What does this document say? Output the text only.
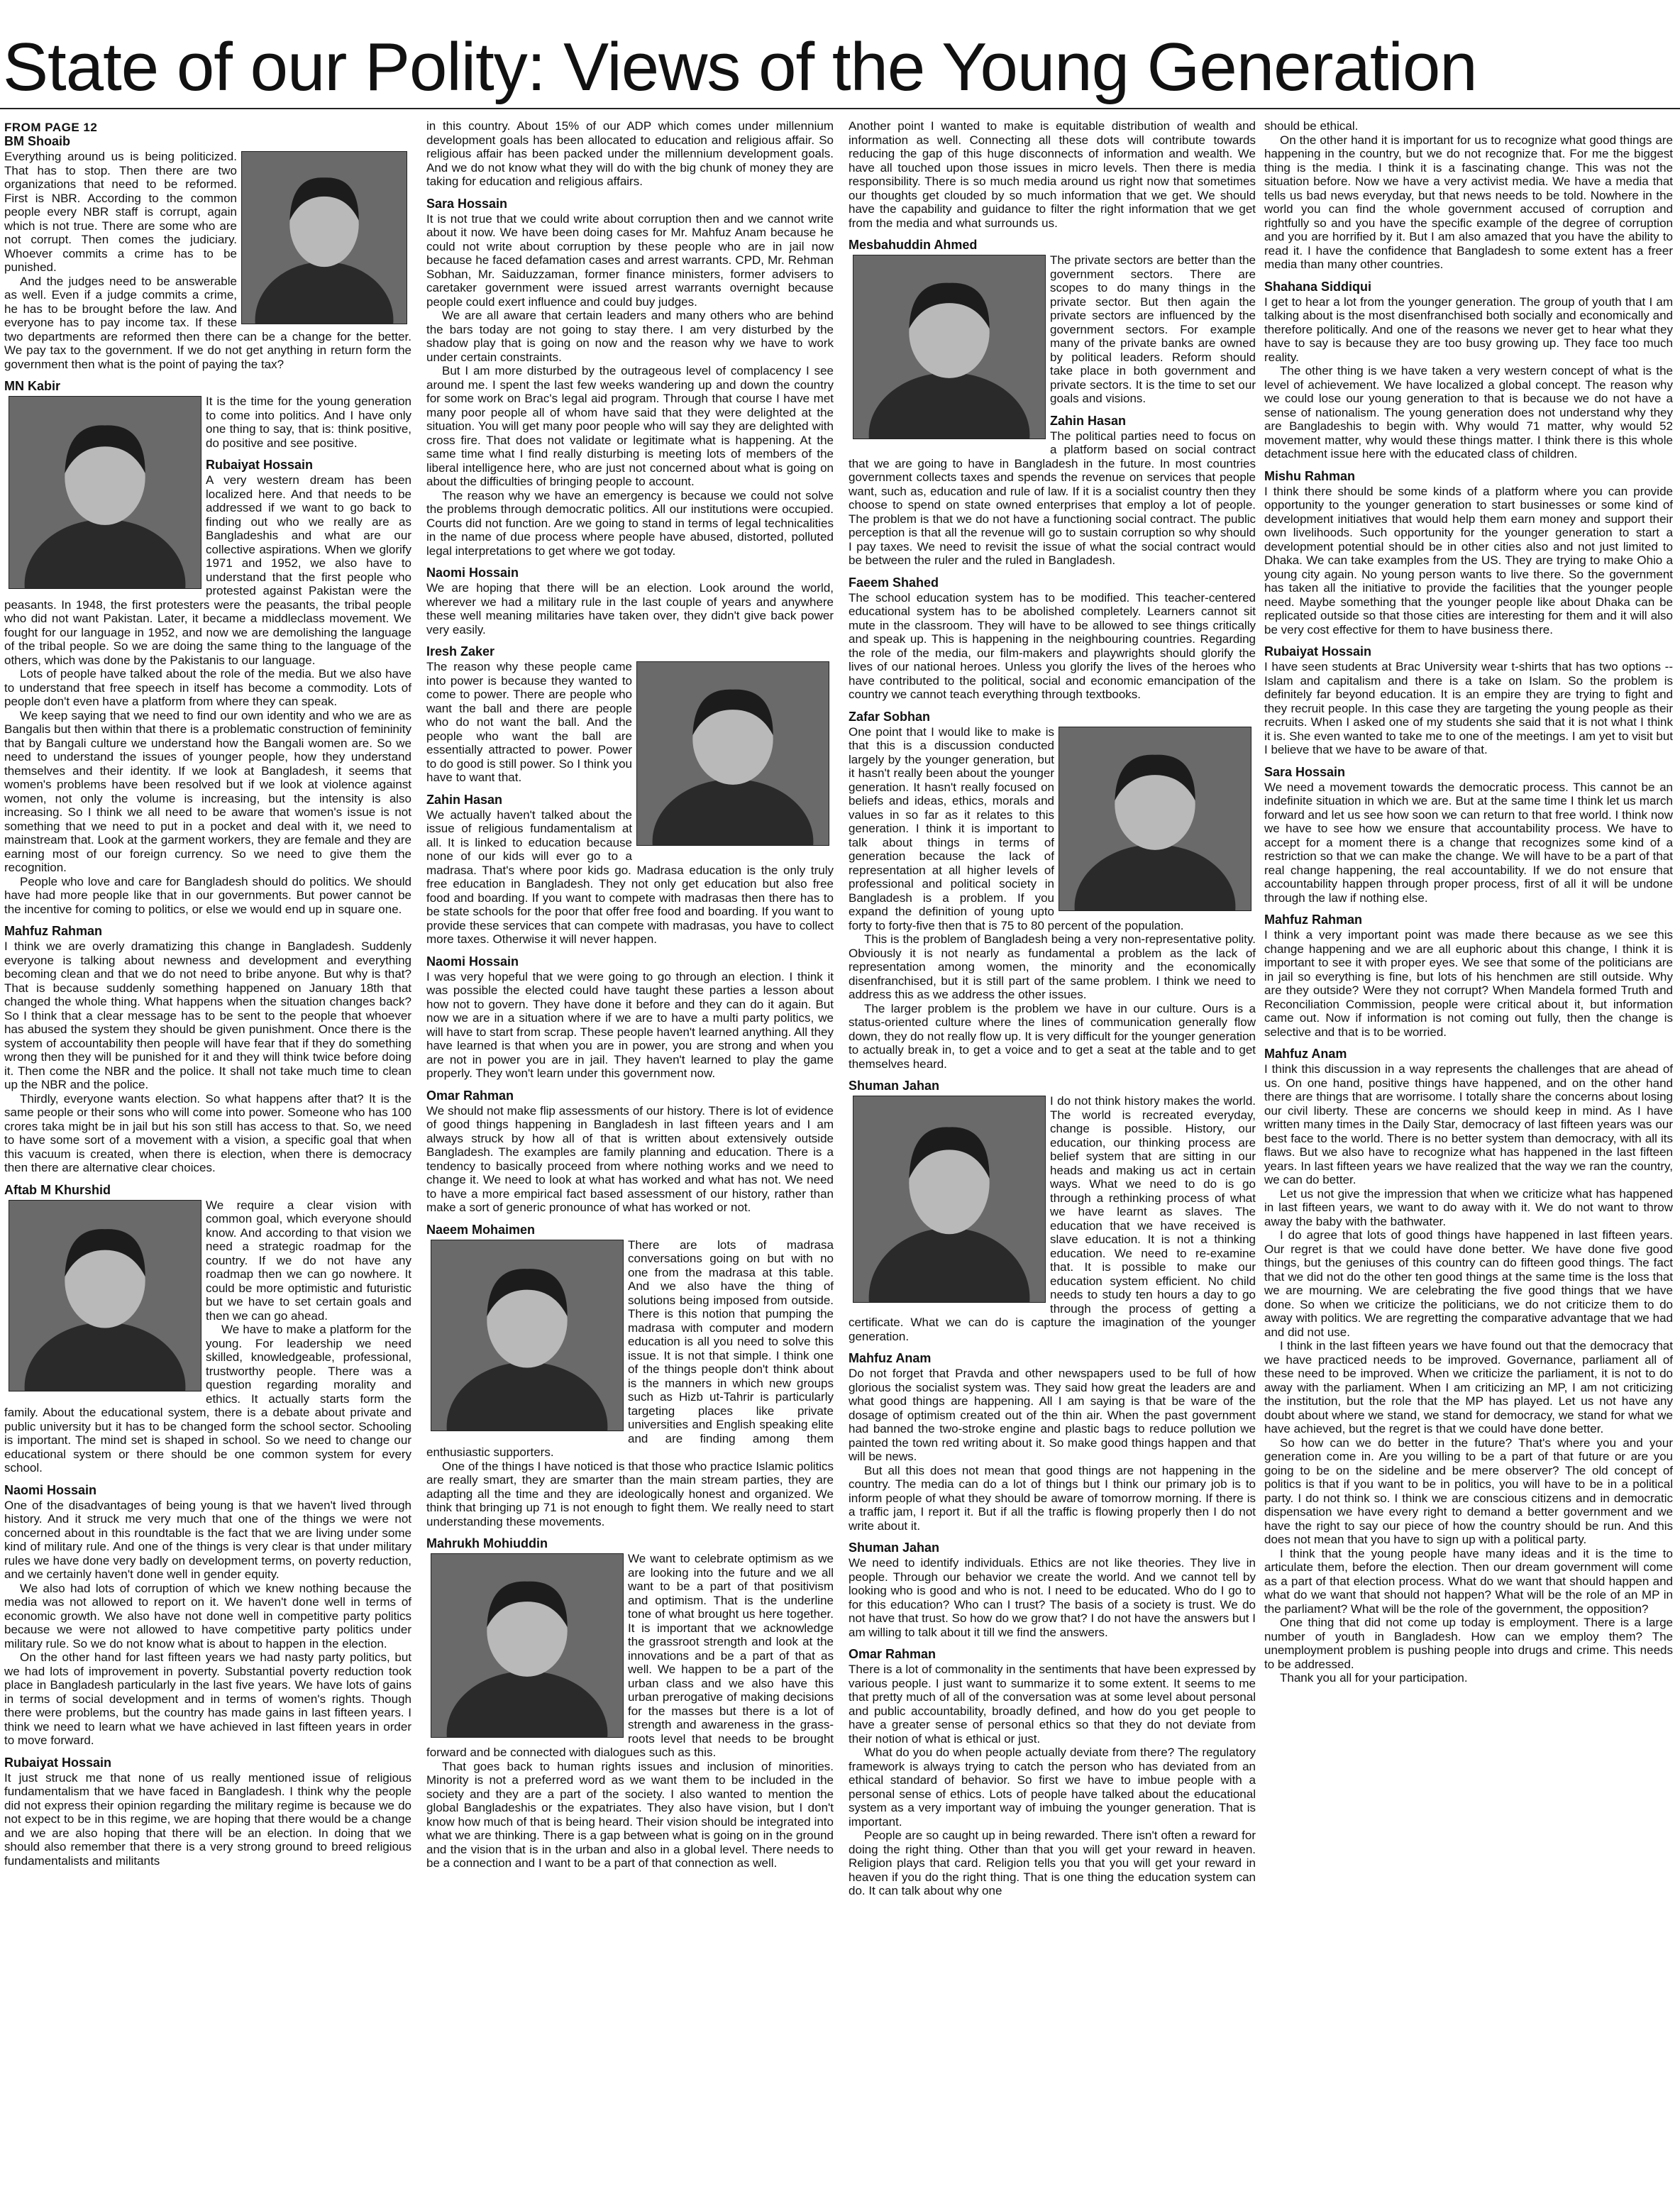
State of our Polity: Views of the Young Generation
FROM PAGE 12
BM Shoaib

Everything around us is being politicized. That has to stop. Then there are two organizations that need to be reformed. First is NBR. According to the common people every NBR staff is corrupt, again which is not true. There are some who are not corrupt. Then comes the judiciary. Whoever commits a crime has to be punished.

And the judges need to be answerable as well. Even if a judge commits a crime, he has to be brought before the law. And everyone has to pay income tax. If these two departments are reformed then there can be a change for the better. We pay tax to the government. If we do not get anything in return form the government then what is the point of paying the tax?

MN Kabir

It is the time for the young generation to come into politics. And I have only one thing to say, that is: think positive, do positive and see positive.

Rubaiyat Hossain

A very western dream has been localized here. And that needs to be addressed if we want to go back to finding out who we really are as Bangladeshis and what are our collective aspirations. When we glorify 1971 and 1952, we also have to understand that the first people who protested against Pakistan were the peasants. In 1948, the first protesters were the peasants, the tribal people who did not want Pakistan. Later, it became a middleclass movement. We fought for our language in 1952, and now we are demolishing the language of the tribal people. So we are doing the same thing to the language of the others, which was done by the Pakistanis to our language.

Lots of people have talked about the role of the media. But we also have to understand that free speech in itself has become a commodity. Lots of people don't even have a platform from where they can speak.

We keep saying that we need to find our own identity and who we are as Bangalis but then within that there is a problematic construction of femininity that by Bangali culture we understand how the Bangali women are. So we need to understand the issues of younger people, how they understand themselves and their identity. If we look at Bangladesh, it seems that women's problems have been resolved but if we look at violence against women, not only the volume is increasing, but the intensity is also increasing. So I think we all need to be aware that women's issue is not something that we need to put in a pocket and deal with it, we need to mainstream that. Look at the garment workers, they are female and they are earning most of our foreign currency. So we need to give them the recognition.

People who love and care for Bangladesh should do politics. We should have had more people like that in our governments. But power cannot be the incentive for coming to politics, or else we would end up in square one.

Mahfuz Rahman

I think we are overly dramatizing this change in Bangladesh. Suddenly everyone is talking about newness and development and everything becoming clean and that we do not need to bribe anyone. But why is that? That is because suddenly something happened on January 18th that changed the whole thing. What happens when the situation changes back? So I think that a clear message has to be sent to the people that whoever has abused the system they should be given punishment. Once there is the system of accountability then people will have fear that if they do something wrong then they will be punished for it and they will think twice before doing it. Then come the NBR and the police. It shall not take much time to clean up the NBR and the police.

Thirdly, everyone wants election. So what happens after that? It is the same people or their sons who will come into power. Someone who has 100 crores taka might be in jail but his son still has access to that. So, we need to have some sort of a movement with a vision, a specific goal that when this vacuum is created, when there is election, when there is democracy then there are alternative clear choices.

Aftab M Khurshid

We require a clear vision with common goal, which everyone should know. And according to that vision we need a strategic roadmap for the country. If we do not have any roadmap then we can go nowhere. It could be more optimistic and futuristic but we have to set certain goals and then we can go ahead.

We have to make a platform for the young. For leadership we need skilled, knowledgeable, professional, trustworthy people. There was a question regarding morality and ethics. It actually starts form the family. About the educational system, there is a debate about private and public university but it has to be changed form the school sector. Schooling is important. The mind set is shaped in school. So we need to change our educational system or there should be one common system for every school.

Naomi Hossain

One of the disadvantages of being young is that we haven't lived through history. And it struck me very much that one of the things we were not concerned about in this roundtable is the fact that we are living under some kind of military rule. And one of the things is very clear is that under military rules we have done very badly on development terms, on poverty reduction, and we certainly haven't done well in gender equity.

We also had lots of corruption of which we knew nothing because the media was not allowed to report on it. We haven't done well in terms of economic growth. We also have not done well in competitive party politics because we were not allowed to have competitive party politics under military rule. So we do not know what is about to happen in the election.

On the other hand for last fifteen years we had nasty party politics, but we had lots of improvement in poverty. Substantial poverty reduction took place in Bangladesh particularly in the last five years. We have lots of gains in terms of social development and in terms of women's rights. Though there were problems, but the country has made gains in last fifteen years. I think we need to learn what we have achieved in last fifteen years in order to move forward.

Rubaiyat Hossain

It just struck me that none of us really mentioned issue of religious fundamentalism that we have faced in Bangladesh. I think why the people did not express their opinion regarding the military regime is because we do not expect to be in this regime, we are hoping that there would be a change and we are also hoping that there will be an election. In doing that we should also remember that there is a very strong ground to breed religious fundamentalists and militants

in this country. About 15% of our ADP which comes under millennium development goals has been allocated to education and religious affair. So religious affair has been packed under the millennium development goals. And we do not know what they will do with the big chunk of money they are taking for education and religious affairs.

Sara Hossain

It is not true that we could write about corruption then and we cannot write about it now. We have been doing cases for Mr. Mahfuz Anam because he could not write about corruption by these people who are in jail now because he faced defamation cases and arrest warrants. CPD, Mr. Rehman Sobhan, Mr. Saiduzzaman, former finance ministers, former advisers to caretaker government were issued arrest warrants overnight because people could exert influence and could buy judges.

We are all aware that certain leaders and many others who are behind the bars today are not going to stay there. I am very disturbed by the shadow play that is going on now and the reason why we have to work under certain constraints.

But I am more disturbed by the outrageous level of complacency I see around me. I spent the last few weeks wandering up and down the country for some work on Brac's legal aid program. Through that course I have met many poor people all of whom have said that they were delighted at the situation. You will get many poor people who will say they are delighted with cross fire. That does not validate or legitimate what is happening. At the same time what I find really disturbing is meeting lots of members of the liberal intelligence here, who are just not concerned about what is going on about the difficulties of bringing people to account.

The reason why we have an emergency is because we could not solve the problems through democratic politics. All our institutions were occupied. Courts did not function. Are we going to stand in terms of legal technicalities in the name of due process where people have abused, distorted, polluted legal interpretations to get where we got today.

Naomi Hossain

We are hoping that there will be an election. Look around the world, wherever we had a military rule in the last couple of years and anywhere these well meaning militaries have taken over, they didn't give back power very easily.

Iresh Zaker

The reason why these people came into power is because they wanted to come to power. There are people who want the ball and there are people who do not want the ball. And the people who want the ball are essentially attracted to power. Power to do good is still power. So I think you have to want that.

Zahin Hasan

We actually haven't talked about the issue of religious fundamentalism at all. It is linked to education because none of our kids will ever go to a madrasa. That's where poor kids go. Madrasa education is the only truly free education in Bangladesh. They not only get education but also free food and boarding. If you want to compete with madrasas then there has to be state schools for the poor that offer free food and boarding. If you want to provide these services that can compete with madrasas, you have to collect more taxes. Otherwise it will never happen.

Naomi Hossain

I was very hopeful that we were going to go through an election. I think it was possible the elected could have taught these parties a lesson about how not to govern. They have done it before and they can do it again. But now we are in a situation where if we are to have a multi party politics, we will have to start from scrap. These people haven't learned anything. All they have learned is that when you are in power, you are strong and when you are not in power you are in jail. They haven't learned to play the game properly. They won't learn under this government now.

Omar Rahman

We should not make flip assessments of our history. There is lot of evidence of good things happening in Bangladesh in last fifteen years and I am always struck by how all of that is written about extensively outside Bangladesh. The examples are family planning and education. There is a tendency to basically proceed from where nothing works and we need to change it. We need to look at what has worked and what has not. We need to have a more empirical fact based assessment of our history, rather than make a sort of generic pronounce of what has worked or not.

Naeem Mohaimen

There are lots of madrasa conversations going on but with no one from the madrasa at this table. And we also have the thing of solutions being imposed from outside. There is this notion that pumping the madrasa with computer and modern education is all you need to solve this issue. It is not that simple. I think one of the things people don't think about is the manners in which new groups such as Hizb ut-Tahrir is particularly targeting places like private universities and English speaking elite and are finding among them enthusiastic supporters.

One of the things I have noticed is that those who practice Islamic politics are really smart, they are smarter than the main stream parties, they are adapting all the time and they are ideologically honest and organized. We think that bringing up 71 is not enough to fight them. We really need to start understanding these movements.

Mahrukh Mohiuddin

We want to celebrate optimism as we are looking into the future and we all want to be a part of that positivism and optimism. That is the underline tone of what brought us here together. It is important that we acknowledge the grassroot strength and look at the innovations and be a part of that as well. We happen to be a part of the urban class and we also have this urban prerogative of making decisions for the masses but there is a lot of strength and awareness in the grass-roots level that needs to be brought forward and be connected with dialogues such as this.

That goes back to human rights issues and inclusion of minorities. Minority is not a preferred word as we want them to be included in the society and they are a part of the society. I also wanted to mention the global Bangladeshis or the expatriates. They also have vision, but I don't know how much of that is being heard. Their vision should be integrated into what we are thinking. There is a gap between what is going on in the ground and the vision that is in the urban and also in a global level. There needs to be a connection and I want to be a part of that connection as well.

Another point I wanted to make is equitable distribution of wealth and information as well. Connecting all these dots will contribute towards reducing the gap of this huge disconnects of information and wealth. We have all touched upon those issues in micro levels. Then there is media responsibility. There is so much media around us right now that sometimes our thoughts get clouded by so much information that we get. We should have the capability and guidance to filter the right information that we get from the media and what surrounds us.

Mesbahuddin Ahmed

The private sectors are better than the government sectors. There are scopes to do many things in the private sector. But then again the private sectors are influenced by the government sectors. For example many of the private banks are owned by political leaders. Reform should take place in both government and private sectors. It is the time to set our goals and visions.

Zahin Hasan

The political parties need to focus on a platform based on social contract that we are going to have in Bangladesh in the future. In most countries government collects taxes and spends the revenue on services that people want, such as, education and rule of law. If it is a socialist country then they choose to spend on state owned enterprises that employ a lot of people. The problem is that we do not have a functioning social contract. The public perception is that all the revenue will go to sustain corruption so why should I pay taxes. We need to revisit the issue of what the social contract would be between the ruler and the ruled in Bangladesh.

Faeem Shahed

The school education system has to be modified. This teacher-centered educational system has to be abolished completely. Learners cannot sit mute in the classroom. They will have to be allowed to see things critically and speak up. This is happening in the neighbouring countries. Regarding the role of the media, our film-makers and playwrights should glorify the lives of our national heroes. Unless you glorify the lives of the heroes who have contributed to the political, social and economic emancipation of the country we cannot teach everything through textbooks.

Zafar Sobhan

One point that I would like to make is that this is a discussion conducted largely by the younger generation, but it hasn't really been about the younger generation. It hasn't really focused on beliefs and ideas, ethics, morals and values in so far as it relates to this generation. I think it is important to talk about things in terms of generation because the lack of representation at all higher levels of professional and political society in Bangladesh is a problem. If you expand the definition of young upto forty to forty-five then that is 75 to 80 percent of the population.

This is the problem of Bangladesh being a very non-representative polity. Obviously it is not nearly as fundamental a problem as the lack of representation among women, the minority and the economically disenfranchised, but it is still part of the same problem. I think we need to address this as we address the other issues.

The larger problem is the problem we have in our culture. Ours is a status-oriented culture where the lines of communication generally flow down, they do not really flow up. It is very difficult for the younger generation to actually break in, to get a voice and to get a seat at the table and to get themselves heard.

Shuman Jahan

I do not think history makes the world. The world is recreated everyday, change is possible. History, our education, our thinking process are belief system that are sitting in our heads and making us act in certain ways. What we need to do is go through a rethinking process of what we have learnt as slaves. The education that we have received is slave education. It is not a thinking education. We need to re-examine that. It is possible to make our education system efficient. No child needs to study ten hours a day to go through the process of getting a certificate. What we can do is capture the imagination of the younger generation.

Mahfuz Anam

Do not forget that Pravda and other newspapers used to be full of how glorious the socialist system was. They said how great the leaders are and what good things are happening. All I am saying is that be ware of the dosage of optimism created out of the thin air. When the past government had banned the two-stroke engine and plastic bags to reduce pollution we painted the town red writing about it. So make good things happen and that will be news.

But all this does not mean that good things are not happening in the country. The media can do a lot of things but I think our primary job is to inform people of what they should be aware of tomorrow morning. If there is a traffic jam, I report it. But if all the traffic is flowing properly then I do not write about it.

Shuman Jahan

We need to identify individuals. Ethics are not like theories. They live in people. Through our behavior we create the world. And we cannot tell by looking who is good and who is not. I need to be educated. Who do I go to for this education? Who can I trust? The basis of a society is trust. We do not have that trust. So how do we grow that? I do not have the answers but I am willing to talk about it till we find the answers.

Omar Rahman

There is a lot of commonality in the sentiments that have been expressed by various people. I just want to summarize it to some extent. It seems to me that pretty much of all of the conversation was at some level about personal and public accountability, broadly defined, and how do you get people to have a greater sense of personal ethics so that they do not deviate from their notion of what is ethical or just.

What do you do when people actually deviate from there? The regulatory framework is always trying to catch the person who has deviated from an ethical standard of behavior. So first we have to imbue people with a personal sense of ethics. Lots of people have talked about the educational system as a very important way of imbuing the younger generation. That is important.

People are so caught up in being rewarded. There isn't often a reward for doing the right thing. Other than that you will get your reward in heaven. Religion plays that card. Religion tells you that you will get your reward in heaven if you do the right thing. That is one thing the education system can do. It can talk about why one

should be ethical.

On the other hand it is important for us to recognize what good things are happening in the country, but we do not recognize that. For me the biggest thing is the media. I think it is a fascinating change. This was not the situation before. Now we have a very activist media. We have a media that tells us bad news everyday, but that news needs to be told. Nowhere in the world you can find the whole government accused of corruption and rightfully so and you have the specific example of the degree of corruption and you are horrified by it. But I am also amazed that you have the ability to read it. I have the confidence that Bangladesh to some extent has a freer media than many other countries.

Shahana Siddiqui

I get to hear a lot from the younger generation. The group of youth that I am talking about is the most disenfranchised both socially and economically and therefore politically. And one of the reasons we never get to hear what they have to say is because they are too busy growing up. They face too much reality.

The other thing is we have taken a very western concept of what is the level of achievement. We have localized a global concept. The reason why we could lose our young generation to that is because we do not have a sense of nationalism. The young generation does not understand why they are Bangladeshis to begin with. Why would 71 matter, why would 52 movement matter, why would these things matter. I think there is this whole detachment issue here with the educated class of children.

Mishu Rahman

I think there should be some kinds of a platform where you can provide opportunity to the younger generation to start businesses or some kind of development initiatives that would help them earn money and support their own livelihoods. Such opportunity for the younger generation to start a development potential should be in other cities also and not just limited to Dhaka. We can take examples from the US. They are trying to make Ohio a young city again. No young person wants to live there. So the government has taken all the initiative to provide the facilities that the younger people need. Maybe something that the younger people like about Dhaka can be replicated outside so that those cities are interesting for them and it will also be very cost effective for them to have business there.

Rubaiyat Hossain

I have seen students at Brac University wear t-shirts that has two options -- Islam and capitalism and there is a take on Islam. So the problem is definitely far beyond education. It is an empire they are trying to fight and they recruit people. In this case they are targeting the young people as their recruits. When I asked one of my students she said that it is not what I think it is. She even wanted to take me to one of the meetings. I am yet to visit but I believe that we have to be aware of that.

Sara Hossain

We need a movement towards the democratic process. This cannot be an indefinite situation in which we are. But at the same time I think let us march forward and let us see how soon we can return to that free world. I think now we have to see how we ensure that accountability process. We have to accept for a moment there is a change that recognizes some kind of a restriction so that we can make the change. We will have to be a part of that real change happening, the real accountability. If we do not ensure that accountability happen through proper process, first of all it will be undone through the law if nothing else.

Mahfuz Rahman

I think a very important point was made there because as we see this change happening and we are all euphoric about this change, I think it is important to see it with proper eyes. We see that some of the politicians are in jail so everything is fine, but lots of his henchmen are still outside. Why are they outside? Were they not corrupt? When Mandela formed Truth and Reconciliation Commission, people were critical about it, but information came out. Now if information is not coming out fully, then the change is selective and that is to be worried.

Mahfuz Anam

I think this discussion in a way represents the challenges that are ahead of us. On one hand, positive things have happened, and on the other hand there are things that are worrisome. I totally share the concerns about losing our civil liberty. These are concerns we should keep in mind. As I have written many times in the Daily Star, democracy of last fifteen years was our best face to the world. There is no better system than democracy, with all its flaws. But we also have to recognize what has happened in the last fifteen years. In last fifteen years we have realized that the way we ran the country, we can do better.

Let us not give the impression that when we criticize what has happened in last fifteen years, we want to do away with it. We do not want to throw away the baby with the bathwater.

I do agree that lots of good things have happened in last fifteen years. Our regret is that we could have done better. We have done five good things, but the geniuses of this country can do fifteen good things. The fact that we did not do the other ten good things at the same time is the loss that we are mourning. We are celebrating the five good things that we have done. So when we criticize the politicians, we do not criticize them to do away with politics. We are regretting the comparative advantage that we had and did not use.

I think in the last fifteen years we have found out that the democracy that we have practiced needs to be improved. Governance, parliament all of these need to be improved. When we criticize the parliament, it is not to do away with the parliament. When I am criticizing an MP, I am not criticizing the institution, but the role that the MP has played. Let us not have any doubt about where we stand, we stand for democracy, we stand for what we have achieved, but the regret is that we could have done better.

So how can we do better in the future? That's where you and your generation come in. Are you willing to be a part of that future or are you going to be on the sideline and be mere observer? The old concept of politics is that if you want to be in politics, you will have to be in a political party. I do not think so. I think we are conscious citizens and in democratic dispensation we have every right to demand a better government and we have the right to say our piece of how the country should be run. And this does not mean that you have to sign up with a political party.

I think that the young people have many ideas and it is the time to articulate them, before the election. Then our dream government will come as a part of that election process. What do we want that should happen and what do we want that should not happen? What will be the role of an MP in the parliament? What will be the role of the government, the opposition?

One thing that did not come up today is employment. There is a large number of youth in Bangladesh. How can we employ them? The unemployment problem is pushing people into drugs and crime. This needs to be addressed.

Thank you all for your participation.
